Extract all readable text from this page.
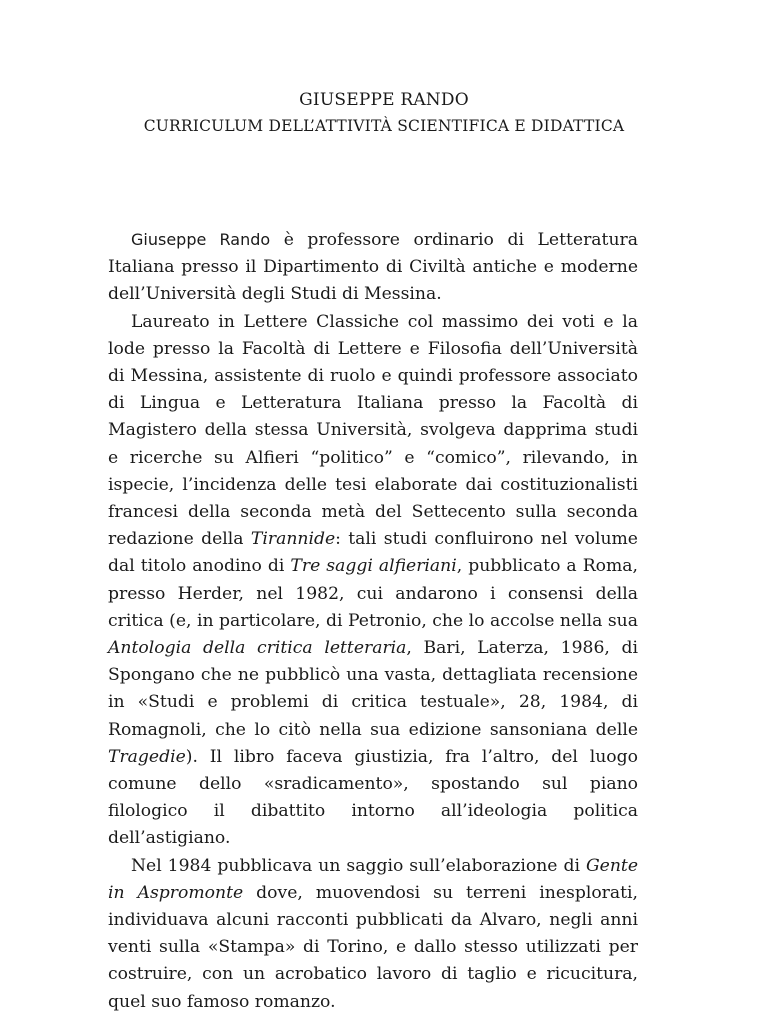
GIUSEPPE RANDO
CURRICULUM DELL’ATTIVITÀ SCIENTIFICA E DIDATTICA

Giuseppe Rando è professore ordinario di Letteratura Italiana presso il Dipartimento di Civiltà antiche e moderne dell’Università degli Studi di Messina.

Laureato in Lettere Classiche col massimo dei voti e la lode presso la Facoltà di Lettere e Filosofia dell’Università di Messina, assistente di ruolo e quindi professore associato di Lingua e Letteratura Italiana presso la Facoltà di Magistero della stessa Università, svolgeva dapprima studi e ricerche su Alfieri “politico” e “comico”, rilevando, in ispecie, l’incidenza delle tesi elaborate dai costituzionalisti francesi della seconda metà del Settecento sulla seconda redazione della Tirannide: tali studi confluirono nel volume dal titolo anodino di Tre saggi alfieriani, pubblicato a Roma, presso Herder, nel 1982, cui andarono i consensi della critica (e, in particolare, di Petronio, che lo accolse nella sua Antologia della critica letteraria, Bari, Laterza, 1986, di Spongano che ne pubblicò una vasta, dettagliata recensione in «Studi e problemi di critica testuale», 28, 1984, di Romagnoli, che lo citò nella sua edizione sansoniana delle Tragedie). Il libro faceva giustizia, fra l’altro, del luogo comune dello «sradicamento», spostando sul piano filologico il dibattito intorno all’ideologia politica dell’astigiano.

Nel 1984 pubblicava un saggio sull’elaborazione di Gente in Aspromonte dove, muovendosi su terreni inesplorati, individuava alcuni racconti pubblicati da Alvaro, negli anni venti sulla «Stampa» di Torino, e dallo stesso utilizzati per costruire, con un acrobatico lavoro di taglio e ricucitura, quel suo famoso romanzo.
